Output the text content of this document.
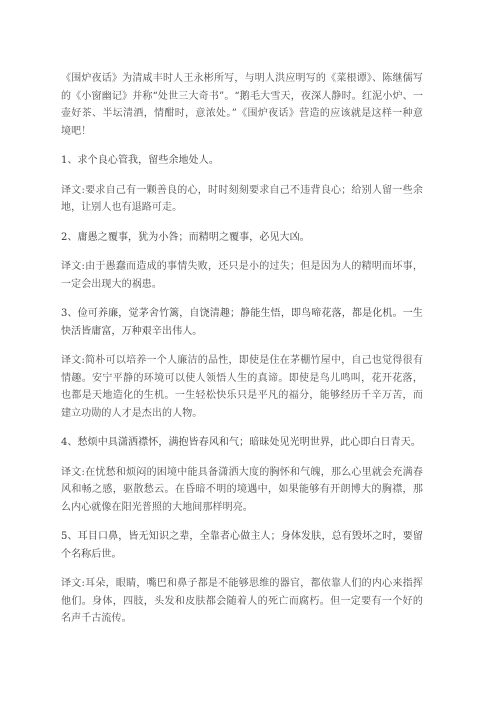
《围炉夜话》为清咸丰时人王永彬所写，与明人洪应明写的《菜根谭》、陈继儒写的《小窗幽记》并称“处世三大奇书”。“鹅毛大雪天，夜深人静时。红泥小炉、一壶好茶、半坛清酒，情酣时，意浓处。”《围炉夜话》营造的应该就是这样一种意境吧！

1、求个良心管我，留些余地处人。

译文:要求自己有一颗善良的心，时时刻刻要求自己不违背良心；给别人留一些余地，让别人也有退路可走。

2、庸愚之覆事，犹为小咎；而精明之覆事，必见大凶。

译文:由于愚蠢而造成的事情失败，还只是小的过失；但是因为人的精明而坏事，一定会出现大的祸患。

3、俭可养廉，觉茅舍竹篱，自饶清趣；静能生悟，即鸟啼花落，都是化机。一生快活皆庸富，万种艰辛出伟人。

译文:简朴可以培养一个人廉洁的品性，即使是住在茅棚竹屋中，自己也觉得很有情趣。安宁平静的环境可以使人领悟人生的真谛。即使是鸟儿鸣叫，花开花落，也都是天地造化的生机。一生轻松快乐只是平凡的福分，能够经历千辛万苦，而建立功勋的人才是杰出的人物。

4、愁烦中具潇洒襟怀，满抱皆春风和气；暗昧处见光明世界，此心即白日青天。

译文:在忧愁和烦闷的困境中能具备潇洒大度的胸怀和气魄，那么心里就会充满春风和畅之感，驱散愁云。在昏暗不明的境遇中，如果能够有开朗博大的胸襟，那么内心就像在阳光普照的大地间那样明亮。

5、耳目口鼻，皆无知识之辈，全靠者心做主人；身体发肤，总有毁坏之时，要留个名称后世。

译文:耳朵，眼睛，嘴巴和鼻子都是不能够思维的器官，都依靠人们的内心来指挥他们。身体，四肢，头发和皮肤都会随着人的死亡而腐朽。但一定要有一个好的名声千古流传。
